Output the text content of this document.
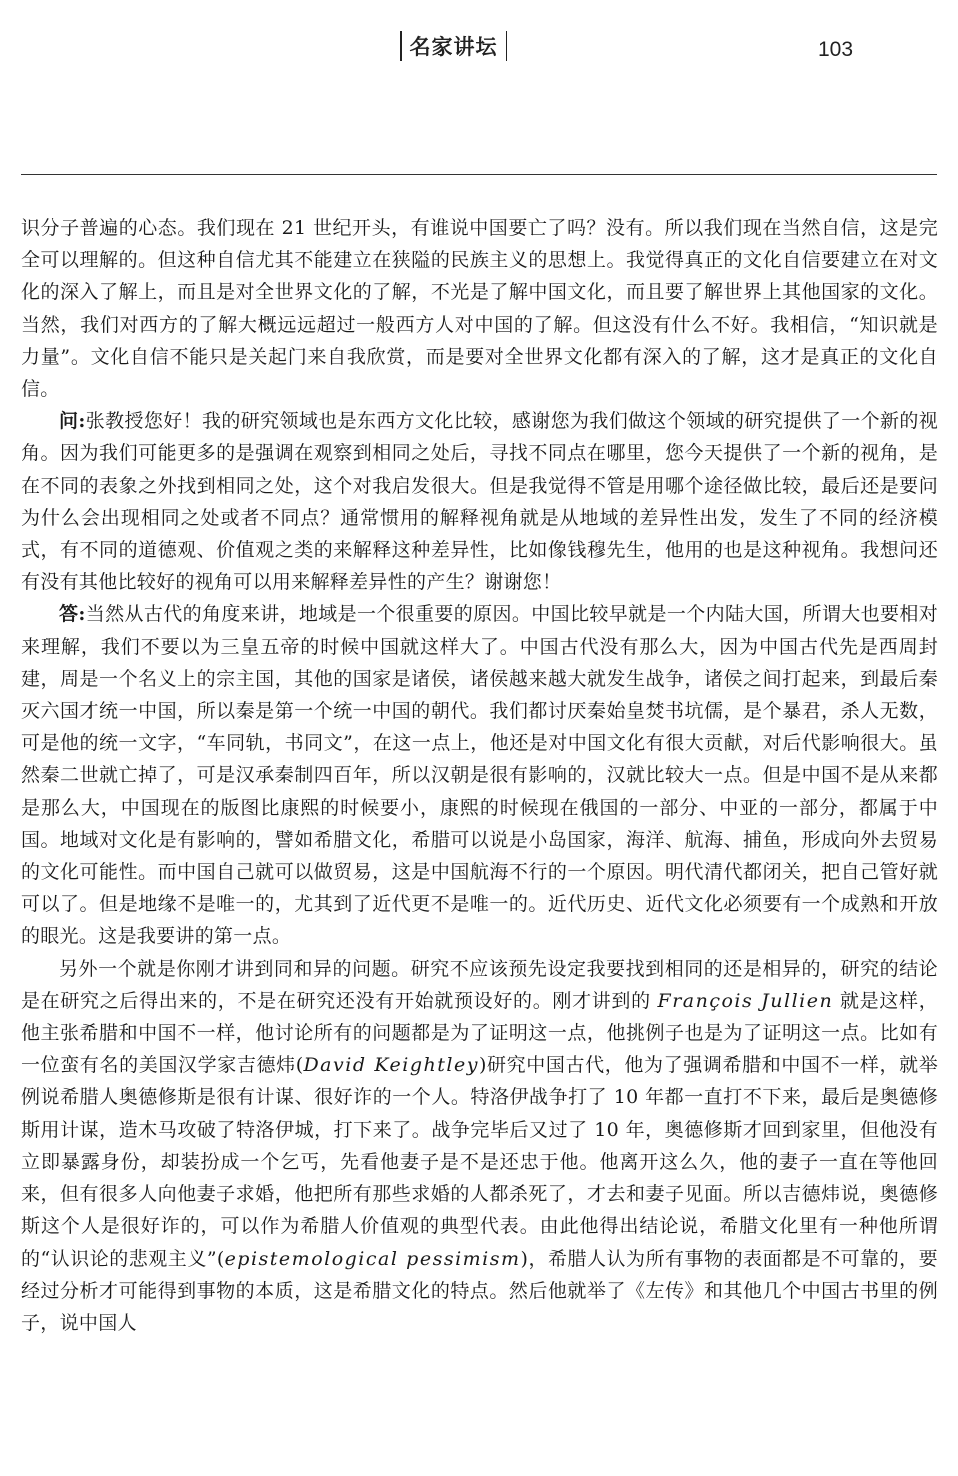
名家讲坛	103

识分子普遍的心态。我们现在 21 世纪开头，有谁说中国要亡了吗？没有。所以我们现在当然自信，这是完全可以理解的。但这种自信尤其不能建立在狭隘的民族主义的思想上。我觉得真正的文化自信要建立在对文化的深入了解上，而且是对全世界文化的了解，不光是了解中国文化，而且要了解世界上其他国家的文化。当然，我们对西方的了解大概远远超过一般西方人对中国的了解。但这没有什么不好。我相信，“知识就是力量”。文化自信不能只是关起门来自我欣赏，而是要对全世界文化都有深入的了解，这才是真正的文化自信。

问:张教授您好！我的研究领域也是东西方文化比较，感谢您为我们做这个领域的研究提供了一个新的视角。因为我们可能更多的是强调在观察到相同之处后，寻找不同点在哪里，您今天提供了一个新的视角，是在不同的表象之外找到相同之处，这个对我启发很大。但是我觉得不管是用哪个途径做比较，最后还是要问为什么会出现相同之处或者不同点？通常惯用的解释视角就是从地域的差异性出发，发生了不同的经济模式，有不同的道德观、价值观之类的来解释这种差异性，比如像钱穆先生，他用的也是这种视角。我想问还有没有其他比较好的视角可以用来解释差异性的产生？谢谢您！

答:当然从古代的角度来讲，地域是一个很重要的原因。中国比较早就是一个内陆大国，所谓大也要相对来理解，我们不要以为三皇五帝的时候中国就这样大了。中国古代没有那么大，因为中国古代先是西周封建，周是一个名义上的宗主国，其他的国家是诸侯，诸侯越来越大就发生战争，诸侯之间打起来，到最后秦灭六国才统一中国，所以秦是第一个统一中国的朝代。我们都讨厌秦始皇焚书坑儒，是个暴君，杀人无数，可是他的统一文字，“车同轨，书同文”，在这一点上，他还是对中国文化有很大贡献，对后代影响很大。虽然秦二世就亡掉了，可是汉承秦制四百年，所以汉朝是很有影响的，汉就比较大一点。但是中国不是从来都是那么大，中国现在的版图比康熙的时候要小，康熙的时候现在俄国的一部分、中亚的一部分，都属于中国。地域对文化是有影响的，譬如希腊文化，希腊可以说是小岛国家，海洋、航海、捕鱼，形成向外去贸易的文化可能性。而中国自己就可以做贸易，这是中国航海不行的一个原因。明代清代都闭关，把自己管好就可以了。但是地缘不是唯一的，尤其到了近代更不是唯一的。近代历史、近代文化必须要有一个成熟和开放的眼光。这是我要讲的第一点。

另外一个就是你刚才讲到同和异的问题。研究不应该预先设定我要找到相同的还是相异的，研究的结论是在研究之后得出来的，不是在研究还没有开始就预设好的。刚才讲到的 François Jullien 就是这样，他主张希腊和中国不一样，他讨论所有的问题都是为了证明这一点，他挑例子也是为了证明这一点。比如有一位蛮有名的美国汉学家吉德炜(David Keightley)研究中国古代，他为了强调希腊和中国不一样，就举例说希腊人奥德修斯是很有计谋、很好诈的一个人。特洛伊战争打了 10 年都一直打不下来，最后是奥德修斯用计谋，造木马攻破了特洛伊城，打下来了。战争完毕后又过了 10 年，奥德修斯才回到家里，但他没有立即暴露身份，却装扮成一个乞丐，先看他妻子是不是还忠于他。他离开这么久，他的妻子一直在等他回来，但有很多人向他妻子求婚，他把所有那些求婚的人都杀死了，才去和妻子见面。所以吉德炜说，奥德修斯这个人是很好诈的，可以作为希腊人价值观的典型代表。由此他得出结论说，希腊文化里有一种他所谓的“认识论的悲观主义”(epistemological pessimism)，希腊人认为所有事物的表面都是不可靠的，要经过分析才可能得到事物的本质，这是希腊文化的特点。然后他就举了《左传》和其他几个中国古书里的例子，说中国人
